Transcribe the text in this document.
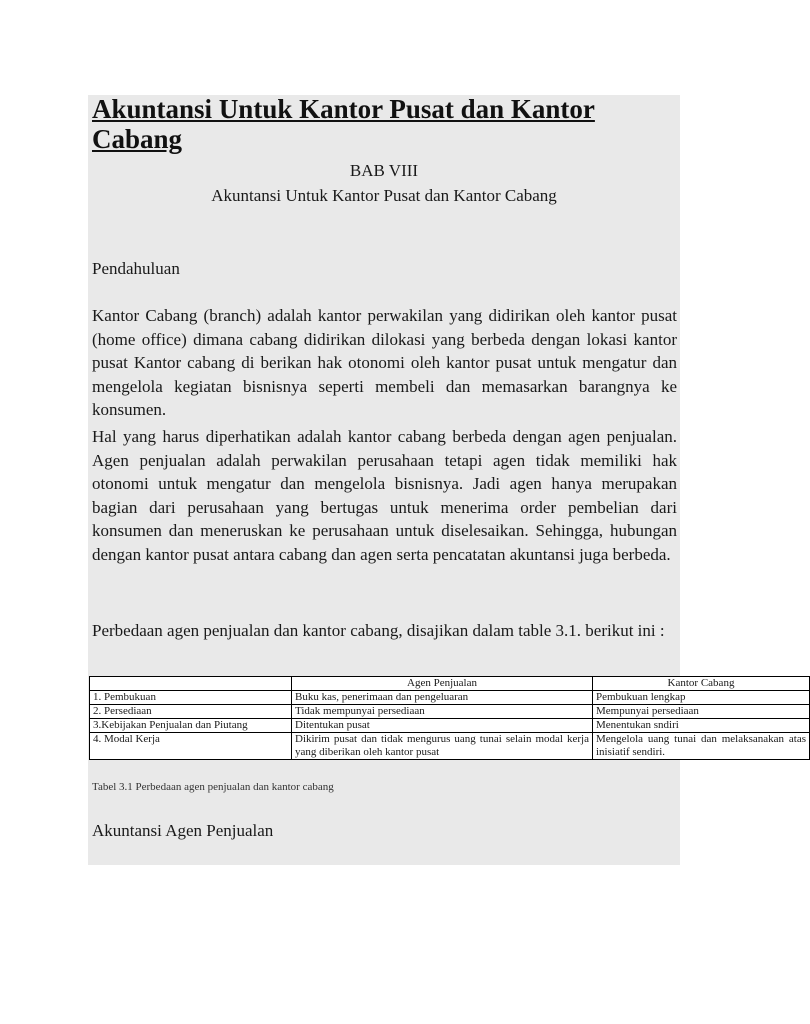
Akuntansi Untuk Kantor Pusat dan Kantor Cabang
BAB VIII
Akuntansi Untuk Kantor Pusat dan Kantor Cabang
Pendahuluan

Kantor Cabang (branch) adalah kantor perwakilan yang didirikan oleh kantor pusat (home office) dimana cabang didirikan dilokasi yang berbeda dengan lokasi kantor pusat Kantor cabang di berikan hak otonomi oleh kantor pusat untuk mengatur dan mengelola kegiatan bisnisnya seperti membeli dan memasarkan barangnya ke konsumen.

Hal yang harus diperhatikan adalah kantor cabang berbeda dengan agen penjualan. Agen penjualan adalah perwakilan perusahaan tetapi agen tidak memiliki hak otonomi untuk mengatur dan mengelola bisnisnya. Jadi agen hanya merupakan bagian dari perusahaan yang bertugas untuk menerima order pembelian dari konsumen dan meneruskan ke perusahaan untuk diselesaikan. Sehingga, hubungan dengan kantor pusat antara cabang dan agen serta pencatatan akuntansi juga berbeda.

Perbedaan agen penjualan dan kantor cabang, disajikan dalam table 3.1. berikut ini :

	Agen Penjualan	Kantor Cabang
1. Pembukuan	Buku kas, penerimaan dan pengeluaran	Pembukuan lengkap
2. Persediaan	Tidak mempunyai persediaan	Mempunyai persediaan
3.Kebijakan Penjualan dan Piutang	Ditentukan pusat	Menentukan sndiri
4. Modal Kerja	Dikirim pusat dan tidak mengurus uang tunai selain modal kerja yang diberikan oleh kantor pusat	Mengelola uang tunai dan melaksanakan atas inisiatif sendiri.
Tabel 3.1 Perbedaan agen penjualan dan kantor cabang
Akuntansi Agen Penjualan
